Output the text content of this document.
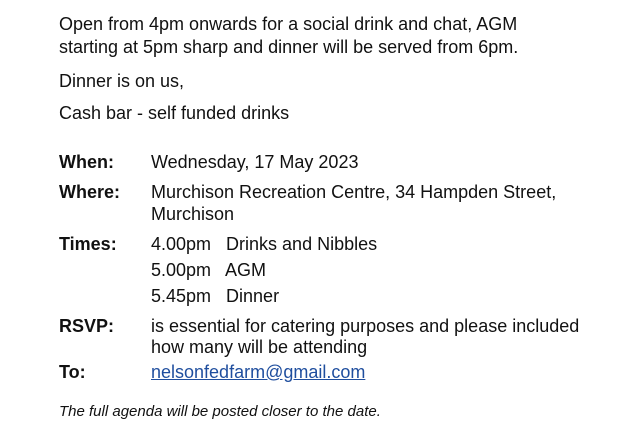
Open from 4pm onwards for a social drink and chat, AGM
starting at 5pm sharp and dinner will be served from 6pm.
Dinner is on us,
Cash bar - self funded drinks
When: Wednesday, 17 May 2023
Where: Murchison Recreation Centre, 34 Hampden Street,
Murchison
Times: 4.00pm   Drinks and Nibbles
5.00pm   AGM
5.45pm   Dinner
RSVP: is essential for catering purposes and please included
how many will be attending
To:	nelsonfedfarm@gmail.com
The full agenda will be posted closer to the date.
